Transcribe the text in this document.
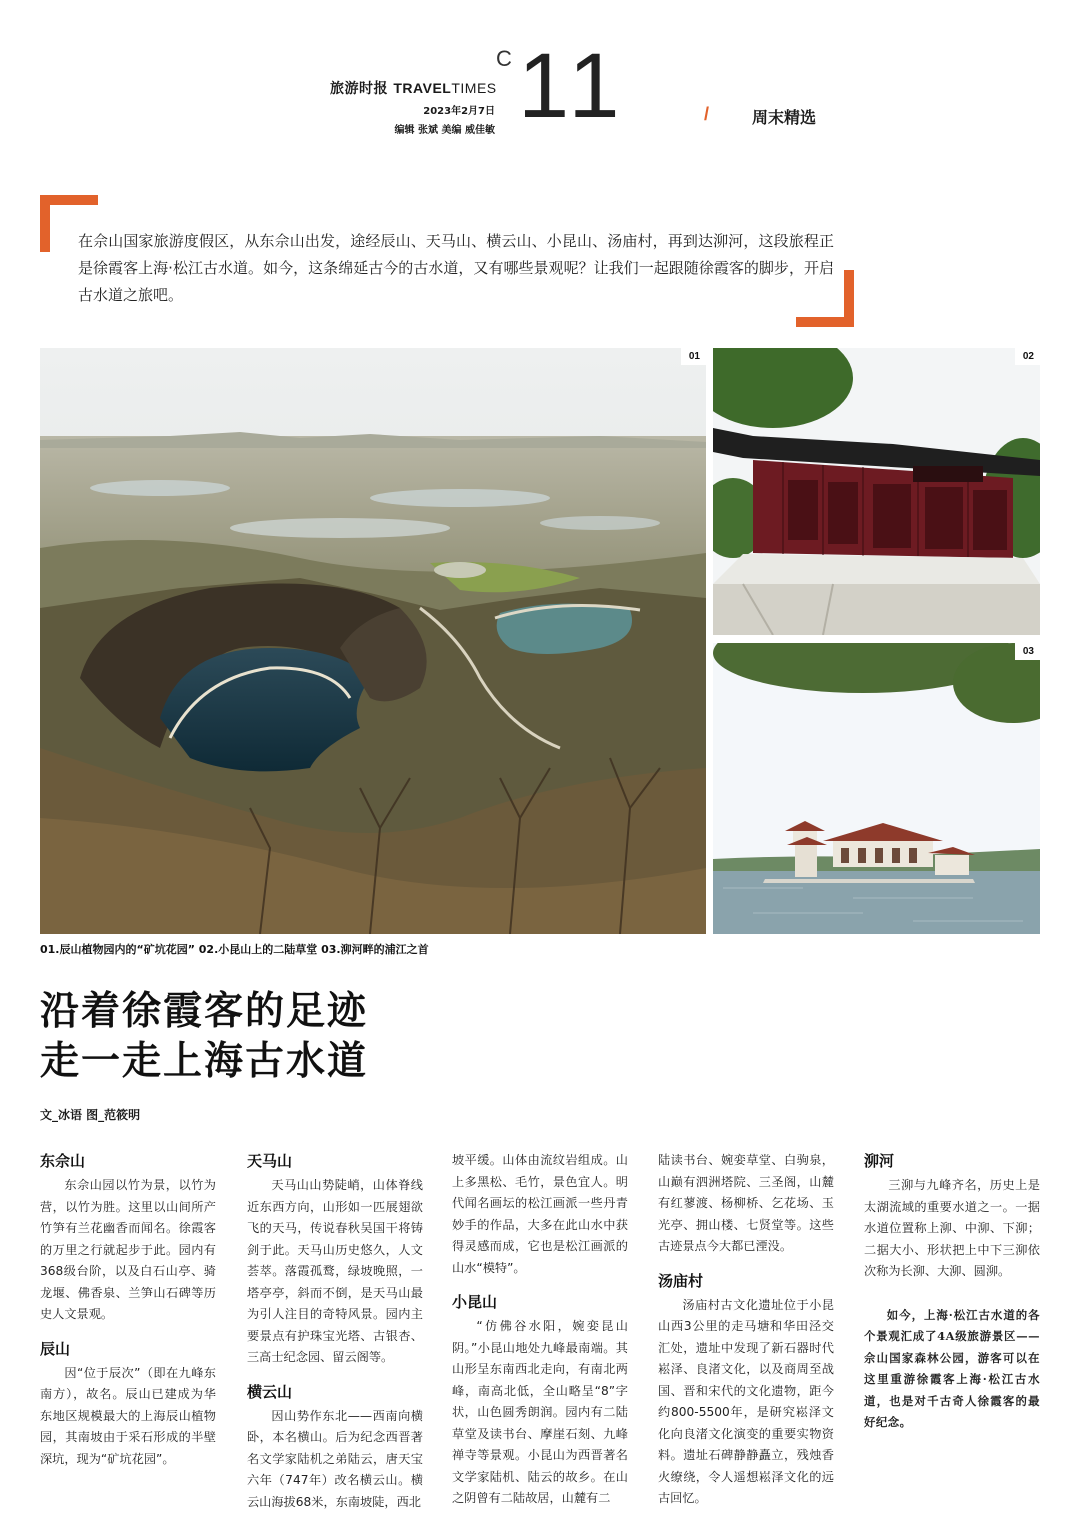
旅游时报 TRAVELTIMES
2023年2月7日
编辑 张斌 美编 威佳敏
C 11	/	周末精选
在佘山国家旅游度假区，从东佘山出发，途经辰山、天马山、横云山、小昆山、汤庙村，再到达泖河，这段旅程正是徐霞客上海·松江古水道。如今，这条绵延古今的古水道，又有哪些景观呢？让我们一起跟随徐霞客的脚步，开启古水道之旅吧。
01	02
03
01.辰山植物园内的“矿坑花园” 02.小昆山上的二陆草堂 03.泖河畔的浦江之首
沿着徐霞客的足迹
走一走上海古水道
文_冰语 图_范筱明
东佘山

东佘山园以竹为景，以竹为营，以竹为胜。这里以山间所产竹笋有兰花幽香而闻名。徐霞客的万里之行就起步于此。园内有368级台阶，以及白石山亭、骑龙堰、佛香泉、兰笋山石碑等历史人文景观。

辰山

因“位于辰次”（即在九峰东南方），故名。辰山已建成为华东地区规模最大的上海辰山植物园，其南坡由于采石形成的半壁深坑，现为“矿坑花园”。

天马山

天马山山势陡峭，山体脊线近东西方向，山形如一匹展翅欲飞的天马，传说春秋吴国干将铸剑于此。天马山历史悠久，人文荟萃。落霞孤鹜，绿坡晚照，一塔亭亭，斜而不倒，是天马山最为引人注目的奇特风景。园内主要景点有护珠宝光塔、古银杏、三高士纪念园、留云阁等。

横云山

因山势作东北——西南向横卧，本名横山。后为纪念西晋著名文学家陆机之弟陆云，唐天宝六年（747年）改名横云山。横云山海拔68米，东南坡陡，西北

坡平缓。山体由流纹岩组成。山上多黑松、毛竹，景色宜人。明代闻名画坛的松江画派一些丹青妙手的作品，大多在此山水中获得灵感而成，它也是松江画派的山水“模特”。

小昆山

“仿佛谷水阳，婉娈昆山阴。”小昆山地处九峰最南端。其山形呈东南西北走向，有南北两峰，南高北低，全山略呈“8”字状，山色圆秀朗润。园内有二陆草堂及读书台、摩崖石刻、九峰禅寺等景观。小昆山为西晋著名文学家陆机、陆云的故乡。在山之阴曾有二陆故居，山麓有二

陆读书台、婉娈草堂、白驹泉，山巅有泗洲塔院、三圣阁，山麓有红蓼渡、杨柳桥、乞花场、玉光亭、拥山楼、七贤堂等。这些古迹景点今大都已湮没。

汤庙村

汤庙村古文化遗址位于小昆山西3公里的走马塘和华田泾交汇处，遗址中发现了新石器时代崧泽、良渚文化，以及商周至战国、晋和宋代的文化遗物，距今约800-5500年，是研究崧泽文化向良渚文化演变的重要实物资料。遗址石碑静静矗立，残烛香火缭绕，令人遥想崧泽文化的远古回忆。

泖河

三泖与九峰齐名，历史上是太湖流域的重要水道之一。一据水道位置称上泖、中泖、下泖；二据大小、形状把上中下三泖依次称为长泖、大泖、圆泖。

如今，上海·松江古水道的各个景观汇成了4A级旅游景区——佘山国家森林公园，游客可以在这里重游徐霞客上海·松江古水道，也是对千古奇人徐霞客的最好纪念。
